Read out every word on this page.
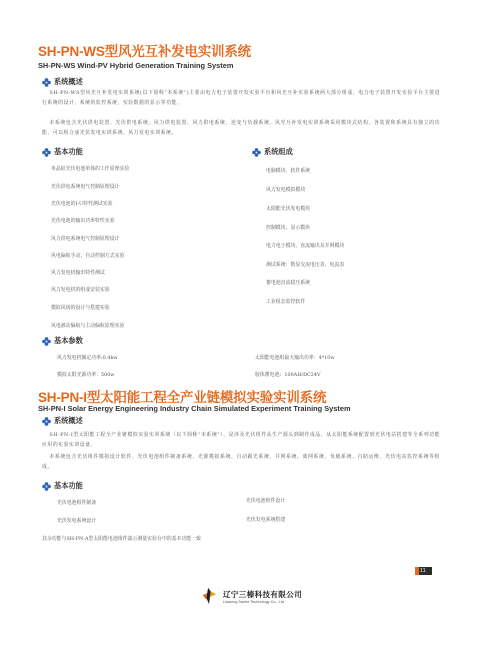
SH-PN-WS型风光互补发电实训系统
SH-PN-WS Wind-PV Hybrid Generation Training System
系统概述
SH-PN-WS型风光互补发电实训系统(以下简称“本系统”)主要由电力电子装置开发实验平台和风光互补实验系统两大部分组成，电力电子装置开发实验平台主要进行系统的设计，系统的监控系统，实验数据的显示等功能。
本系统包含光伏供电装置、光伏供电系统、风力供电装置、风力供电系统、逆变与负载系统、风光互补发电实训系统采用模块式结构，各装置和系统具有独立的功能，可以组合成光伏发电实训系统、风力发电实训系统。
基本功能
单晶硅光伏电池单体的工作原理实验
光伏供电系统电气控制原理设计
光伏电池的I-U特性测试实验
光伏电池的输出功率特性实验
风力供电系统电气控制原理设计
风电偏航手动、自动控制方式实验
风力发电机输出特性测试
风力发电机的组成安装实验
模拟风场的设计与搭建实验
风电被动偏航与主动偏航原理实验
系统组成
电脑模块、软件系统
风力发电模拟模块
太阳能光伏发电模块
控制模块、显示模块
电力电子模块、直流输出及并网模块
测试系统：数显交流电压表、电流表
蓄电池直流稳压系统
工业组态监控软件
基本参数
风力发电机额定功率:0.4kw	太阳能电池组最大输出功率：4*10w
模拟太阳光源功率：500w	胶体蓄电池：100AH/DC24V
SH-PN-I型太阳能工程全产业链模拟实验实训系统
SH-PN-I Solar Energy Engineering Industry Chain Simulated Experiment Training System
系统概述
SH-PN-I型太阳能工程全产业链模拟实验实训系统（以下简称“本系统”），是涉及光伏组件从生产源头到制作成品、从太阳能系统配置到光伏电站搭建等全系列功能应用的实验实训设备。
本系统包含光伏组件模拟设计软件、光伏电池组件制备系统、光源模拟系统、自动跟光系统、并网系统、离网系统、负载系统、自助运维、光伏电站监控系统等组成。
基本功能
光伏电池组件制备	光伏电池组件设计
光伏发电系统设计	光伏发电系统搭建
其余功能与SH-PN-A型太阳能电池组件演示测量实验台中的基本功能一致
11
辽宁三榛科技有限公司
Liaoning Sanhe Technology Co., Ltd
